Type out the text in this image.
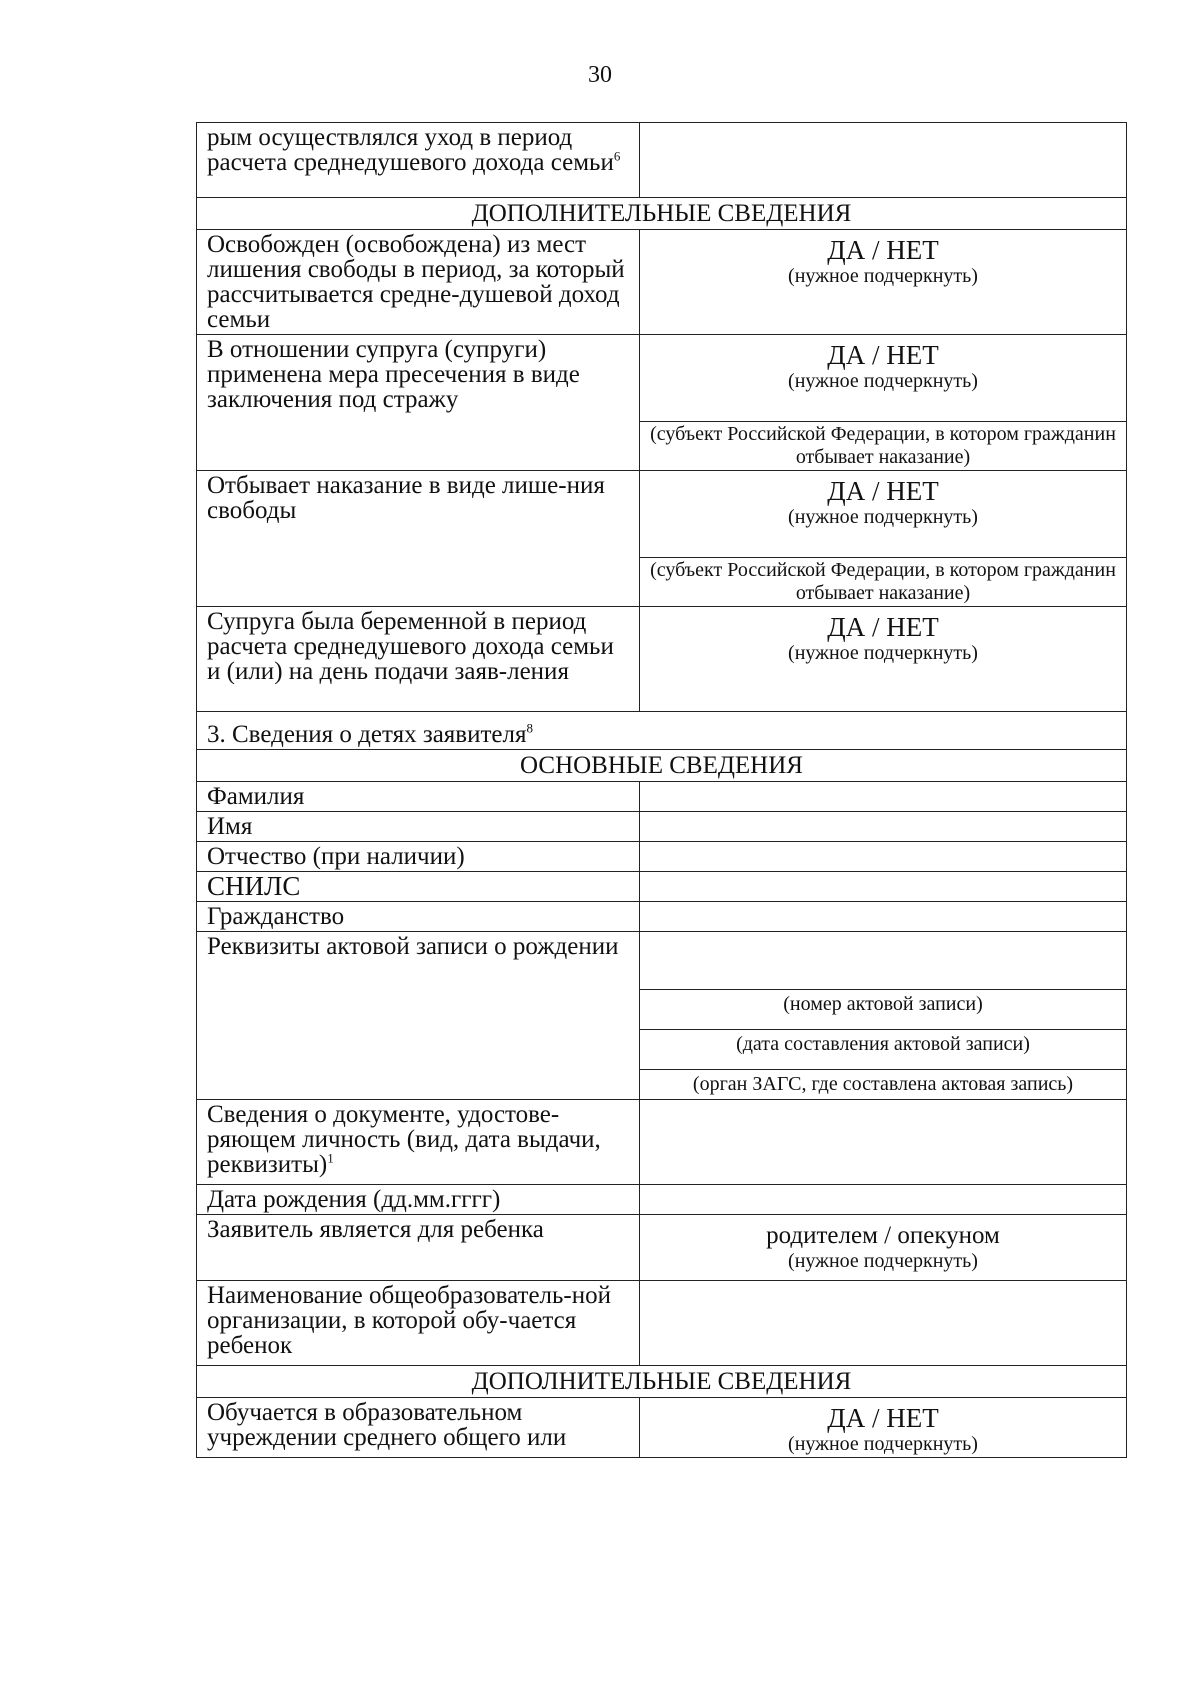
30
рым осуществлялся уход в период расчета среднедушевого дохода семьи$^6$	
ДОПОЛНИТЕЛЬНЫЕ СВЕДЕНИЯ	
Освобожден (освобождена) из мест лишения свободы в период, за который рассчитывается средне-душевой доход семьи	ДА / НЕТ
(нужное подчеркнуть)

В отношении супруга (супруги) применена мера пресечения в виде заключения под стражу	ДА / НЕТ
(нужное подчеркнуть)
(субъект Российской Федерации, в котором гражданин отбывает наказание)

Отбывает наказание в виде лише-ния свободы	ДА / НЕТ
(нужное подчеркнуть)
(субъект Российской Федерации, в котором гражданин отбывает наказание)

Супруга была беременной в период расчета среднедушевого дохода семьи и (или) на день подачи заяв-ления	ДА / НЕТ
(нужное подчеркнуть)

3. Сведения о детях заявителя$^8$
ОСНОВНЫЕ СВЕДЕНИЯ	
Фамилия	
Имя	
Отчество (при наличии)	
СНИЛС	
Гражданство	
Реквизиты актовой записи о рождении	(номер актовой записи)
(дата составления актовой записи)
(орган ЗАГС, где составлена актовая запись)

Сведения о документе, удостове-ряющем личность (вид, дата выдачи, реквизиты)$^1$	
Дата рождения (дд.мм.гггг)	
Заявитель является для ребенка	родителем / опекуном
(нужное подчеркнуть)

Наименование общеобразователь-ной организации, в которой обу-чается ребенок	
ДОПОЛНИТЕЛЬНЫЕ СВЕДЕНИЯ	
Обучается в образовательном учреждении среднего общего или	ДА / НЕТ
(нужное подчеркнуть)
